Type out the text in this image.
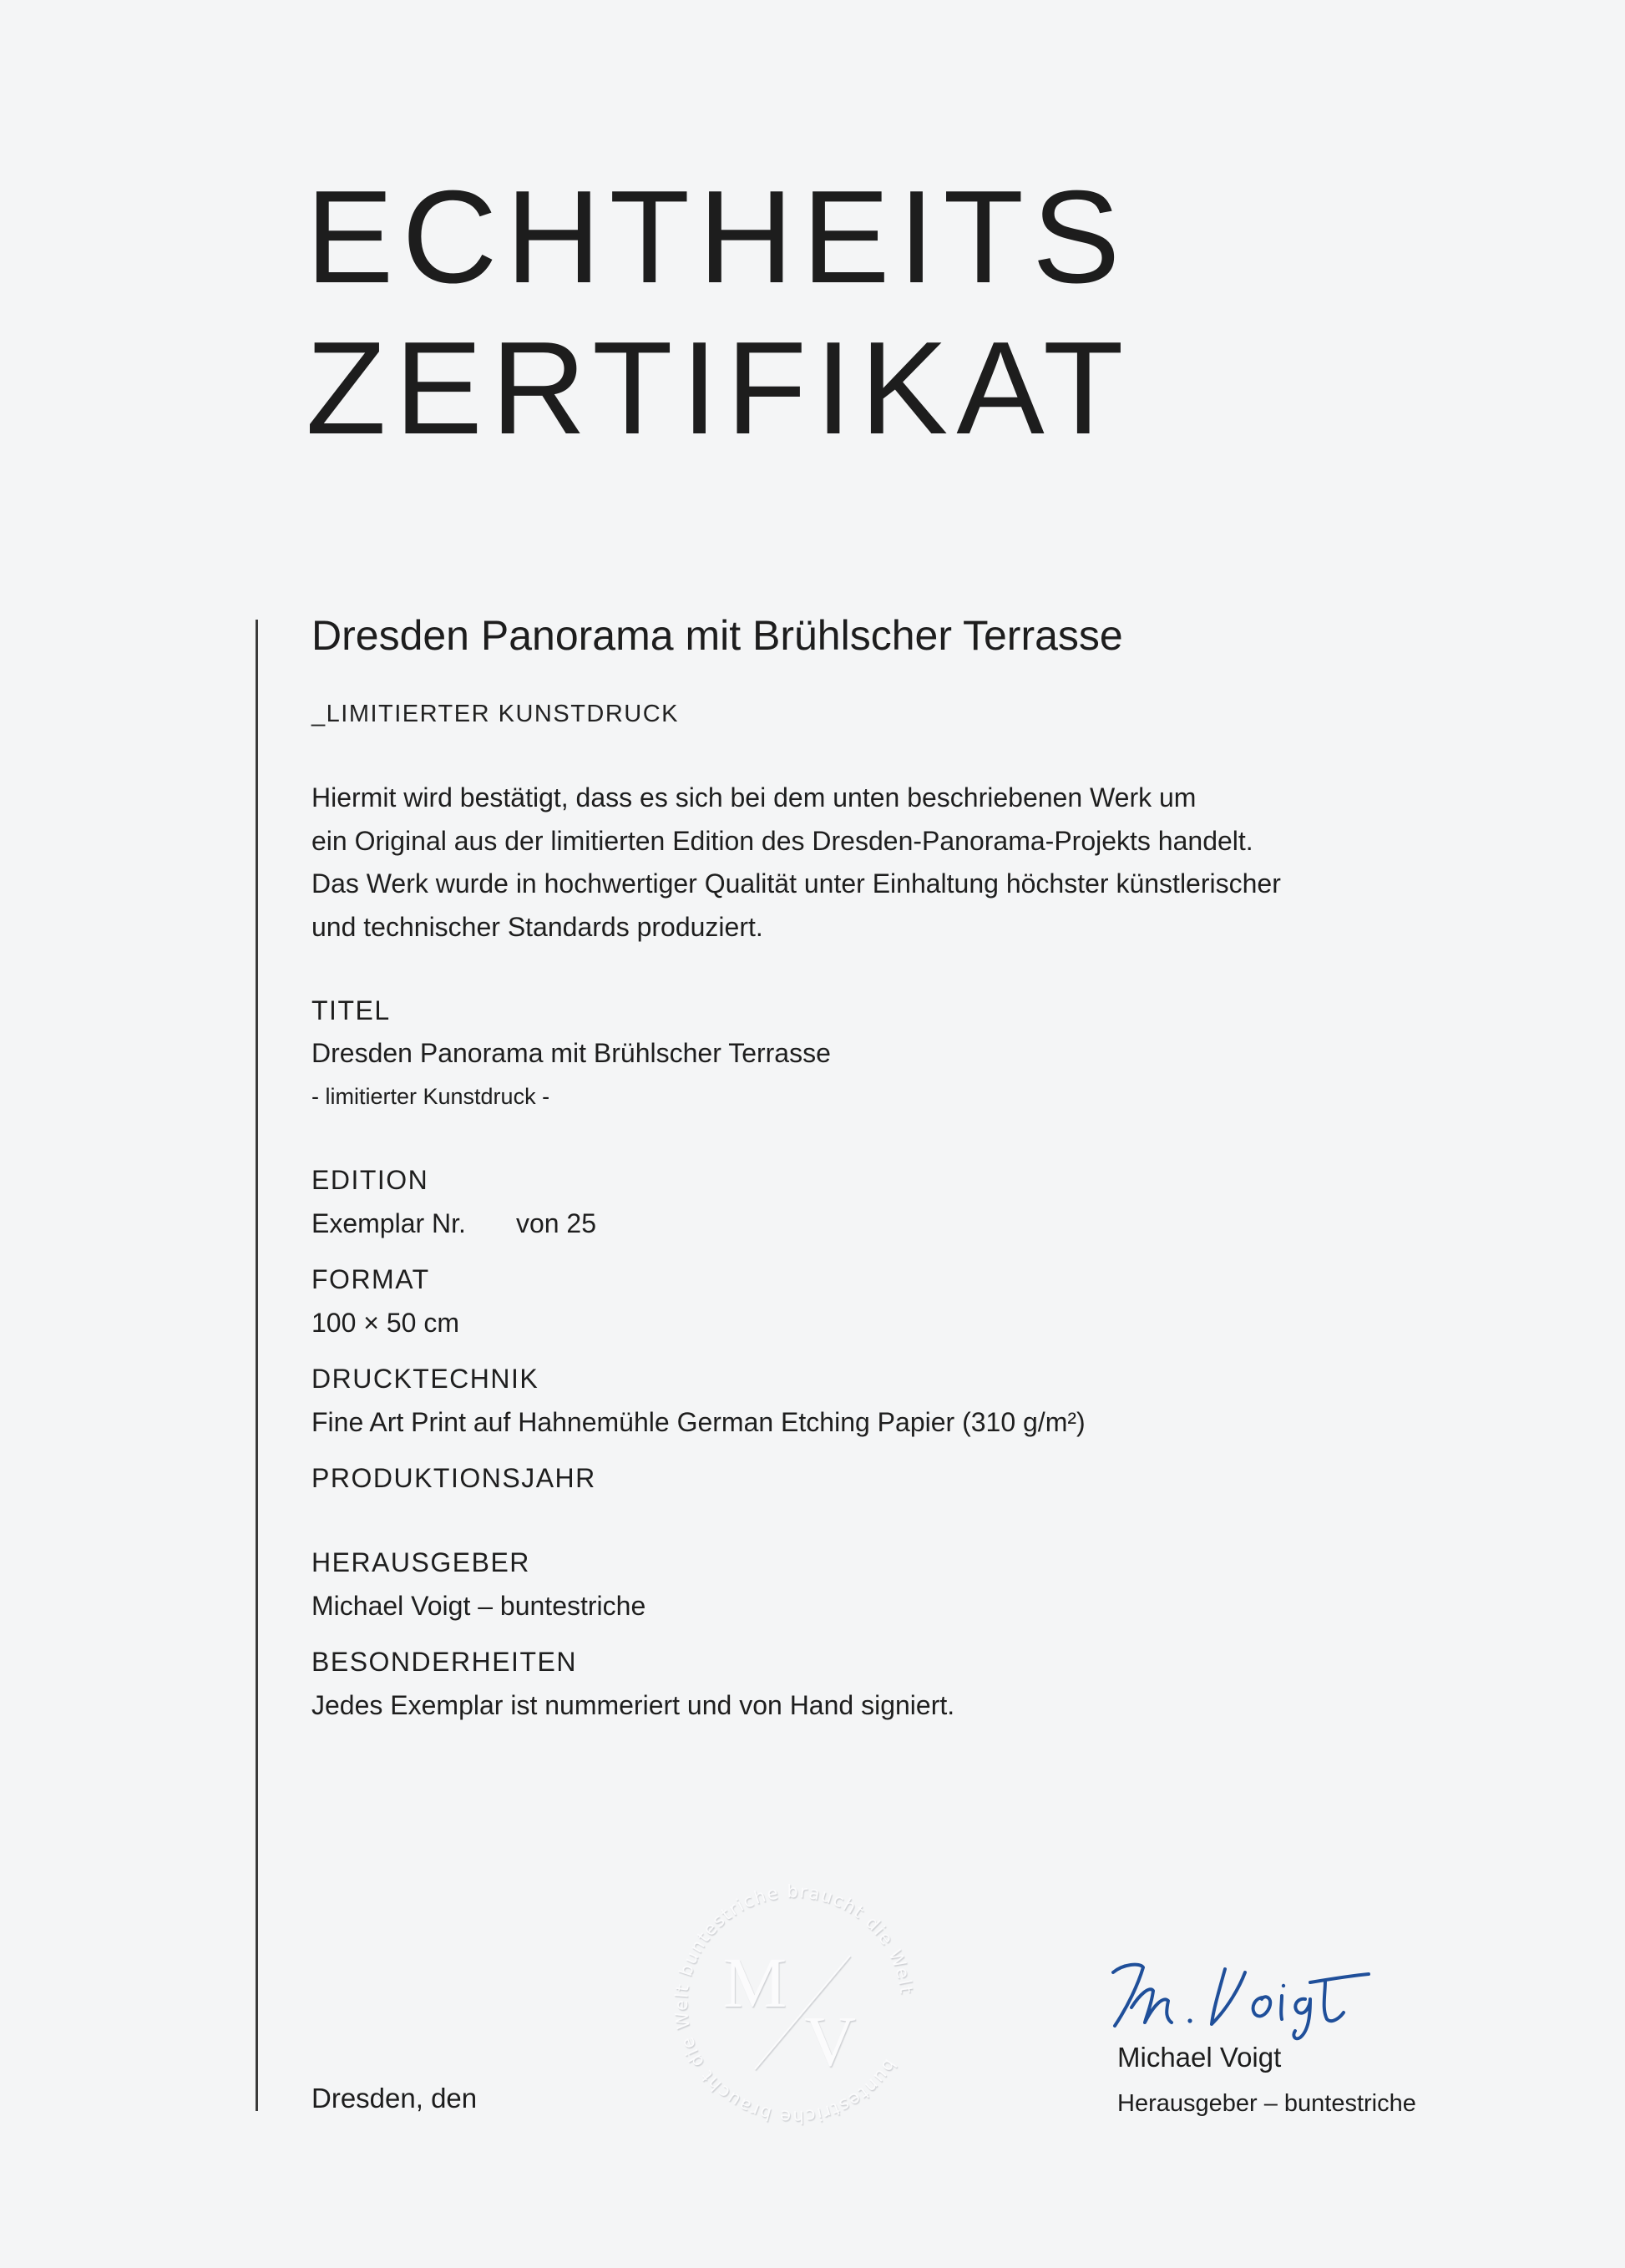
ECHTHEITS
ZERTIFIKAT
Dresden Panorama mit Brühlscher Terrasse
_LIMITIERTER KUNSTDRUCK
Hiermit wird bestätigt, dass es sich bei dem unten beschriebenen Werk um
ein Original aus der limitierten Edition des Dresden-Panorama-Projekts handelt.
Das Werk wurde in hochwertiger Qualität unter Einhaltung höchster künstlerischer
und technischer Standards produziert.
TITEL
Dresden Panorama mit Brühlscher Terrasse
- limitierter Kunstdruck -
EDITION
Exemplar Nr. von 25
FORMAT
100 × 50 cm
DRUCKTECHNIK
Fine Art Print auf Hahnemühle German Etching Papier (310 g/m²)
PRODUKTIONSJAHR
HERAUSGEBER
Michael Voigt – buntestriche
BESONDERHEITEN
Jedes Exemplar ist nummeriert und von Hand signiert.
buntestriche braucht die Welt buntestriche braucht die Welt
M
V	Michael Voigt
Herausgeber – buntestriche
Dresden, den
